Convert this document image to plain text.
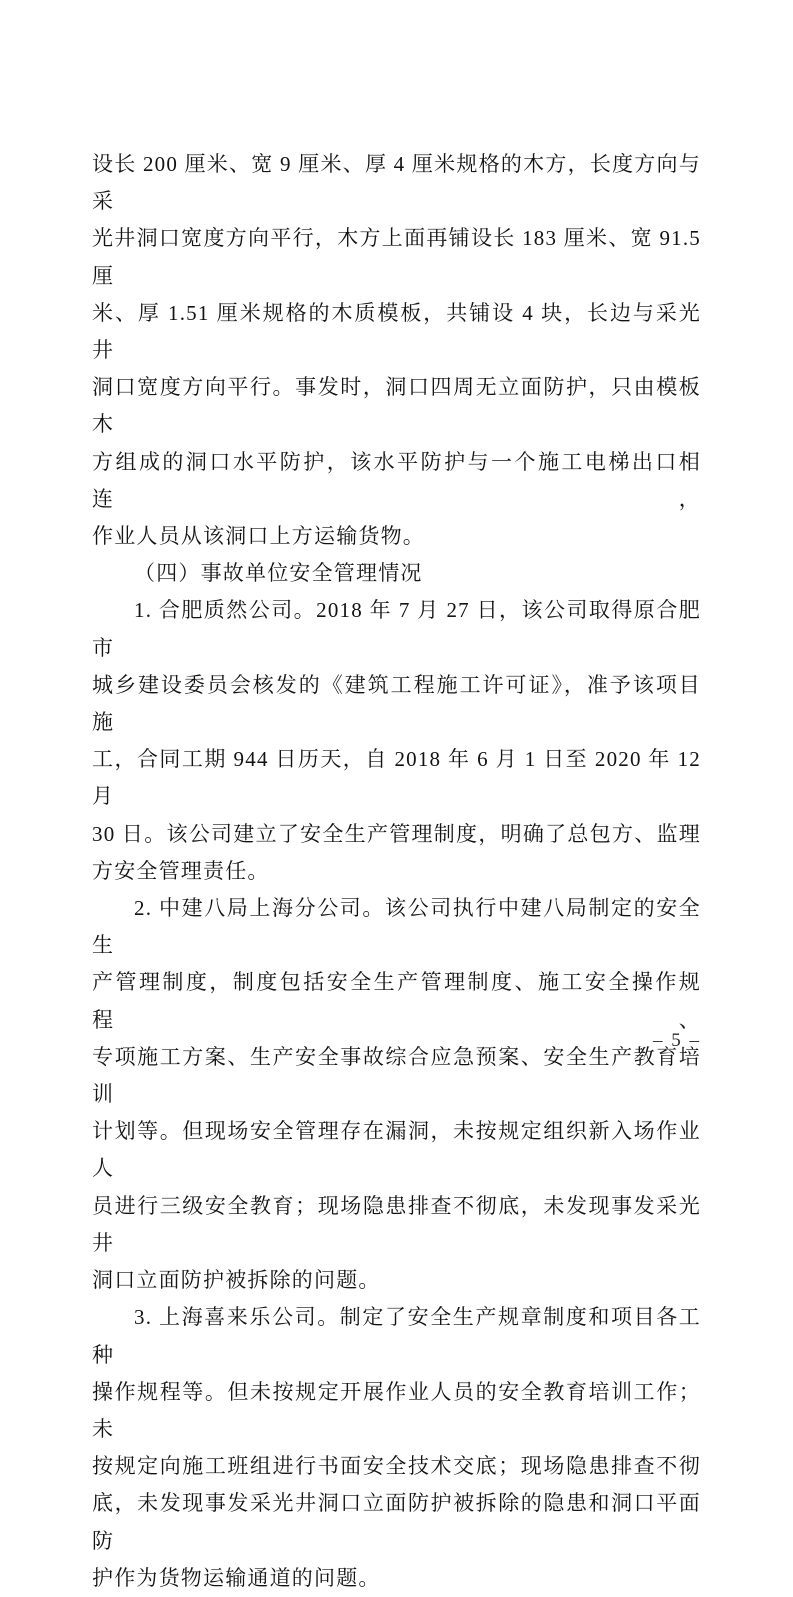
设长 200 厘米、宽 9 厘米、厚 4 厘米规格的木方，长度方向与采
光井洞口宽度方向平行，木方上面再铺设长 183 厘米、宽 91.5 厘
米、厚 1.51 厘米规格的木质模板，共铺设 4 块，长边与采光井
洞口宽度方向平行。事发时，洞口四周无立面防护，只由模板木
方组成的洞口水平防护，该水平防护与一个施工电梯出口相连，
作业人员从该洞口上方运输货物。
（四）事故单位安全管理情况
1. 合肥质然公司。2018 年 7 月 27 日，该公司取得原合肥市
城乡建设委员会核发的《建筑工程施工许可证》，准予该项目施
工，合同工期 944 日历天，自 2018 年 6 月 1 日至 2020 年 12 月
30 日。该公司建立了安全生产管理制度，明确了总包方、监理
方安全管理责任。
2. 中建八局上海分公司。该公司执行中建八局制定的安全生
产管理制度，制度包括安全生产管理制度、施工安全操作规程、
专项施工方案、生产安全事故综合应急预案、安全生产教育培训
计划等。但现场安全管理存在漏洞，未按规定组织新入场作业人
员进行三级安全教育；现场隐患排查不彻底，未发现事发采光井
洞口立面防护被拆除的问题。
3. 上海喜来乐公司。制定了安全生产规章制度和项目各工种
操作规程等。但未按规定开展作业人员的安全教育培训工作；未
按规定向施工班组进行书面安全技术交底；现场隐患排查不彻
底，未发现事发采光井洞口立面防护被拆除的隐患和洞口平面防
护作为货物运输通道的问题。
– 5 –
